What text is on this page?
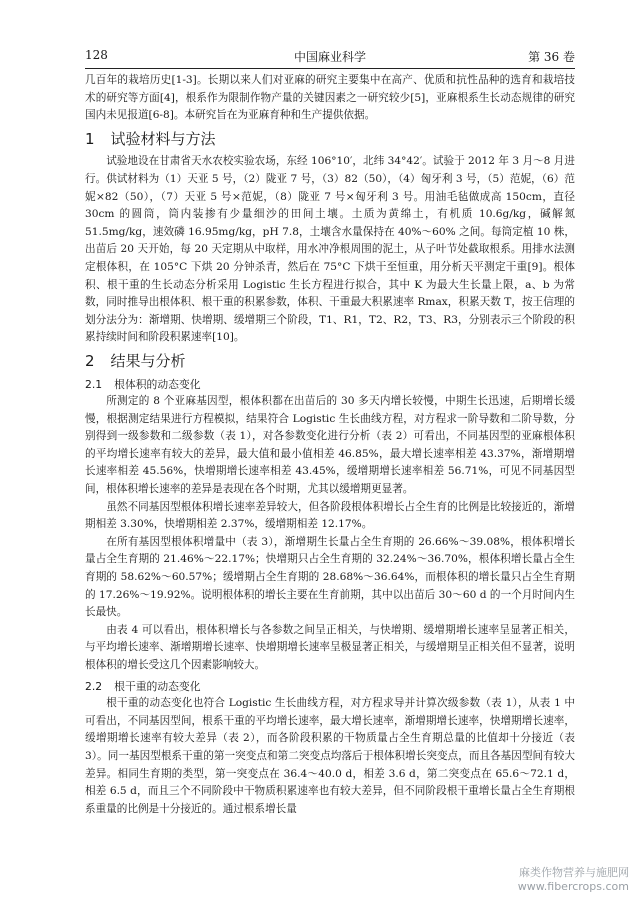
128	中国麻业科学	第 36 卷

几百年的栽培历史[1-3]。长期以来人们对亚麻的研究主要集中在高产、优质和抗性品种的选育和栽培技术的研究等方面[4]，根系作为限制作物产量的关键因素之一研究较少[5]，亚麻根系生长动态规律的研究国内未见报道[6-8]。本研究旨在为亚麻育种和生产提供依据。

1 试验材料与方法

试验地设在甘肃省天水农校实验农场，东经 106°10′，北纬 34°42′。试验于 2012 年 3 月～8 月进行。供试材料为（1）天亚 5 号，（2）陇亚 7 号，（3）82（50），（4）匈牙利 3 号，（5）范妮，（6）范妮×82（50），（7）天亚 5 号×范妮，（8）陇亚 7 号×匈牙利 3 号。用油毛毡做成高 150cm，直径 30cm 的圆筒，筒内装掺有少量细沙的田间土壤。土质为黄绵土，有机质 10.6g/kg，碱解氮 51.5mg/kg，速效磷 16.95mg/kg，pH 7.8，土壤含水量保持在 40%～60% 之间。每筒定植 10 株，出苗后 20 天开始，每 20 天定期从中取样，用水冲净根周围的泥土，从子叶节处截取根系。用排水法测定根体积，在 105°C 下烘 20 分钟杀青，然后在 75°C 下烘干至恒重，用分析天平测定干重[9]。根体积、根干重的生长动态分析采用 Logistic 生长方程进行拟合，其中 K 为最大生长量上限，a、b 为常数，同时推导出根体积、根干重的积累参数，体积、干重最大积累速率 Rmax，积累天数 T，按王信理的划分法分为：渐增期、快增期、缓增期三个阶段，T1、R1，T2、R2，T3、R3，分别表示三个阶段的积累持续时间和阶段积累速率[10]。

2 结果与分析
2.1 根体积的动态变化

所测定的 8 个亚麻基因型，根体积都在出苗后的 30 多天内增长较慢，中期生长迅速，后期增长缓慢，根据测定结果进行方程模拟，结果符合 Logistic 生长曲线方程，对方程求一阶导数和二阶导数，分别得到一级参数和二级参数（表 1），对各参数变化进行分析（表 2）可看出，不同基因型的亚麻根体积的平均增长速率有较大的差异，最大值和最小值相差 46.85%，最大增长速率相差 43.37%，渐增期增长速率相差 45.56%，快增期增长速率相差 43.45%，缓增期增长速率相差 56.71%，可见不同基因型间，根体积增长速率的差异是表现在各个时期，尤其以缓增期更显著。

虽然不同基因型根体积增长速率差异较大，但各阶段根体积增长占全生育的比例是比较接近的，渐增期相差 3.30%，快增期相差 2.37%，缓增期相差 12.17%。

在所有基因型根体积增量中（表 3），渐增期生长量占全生育期的 26.66%～39.08%，根体积增长量占全生育期的 21.46%～22.17%；快增期只占全生育期的 32.24%～36.70%，根体积增长量占全生育期的 58.62%～60.57%；缓增期占全生育期的 28.68%～36.64%，而根体积的增长量只占全生育期的 17.26%～19.92%。说明根体积的增长主要在生育前期，其中以出苗后 30～60 d 的一个月时间内生长最快。

由表 4 可以看出，根体积增长与各参数之间呈正相关，与快增期、缓增期增长速率呈显著正相关，与平均增长速率、渐增期增长速率、快增期增长速率呈极显著正相关，与缓增期呈正相关但不显著，说明根体积的增长受这几个因素影响较大。

2.2 根干重的动态变化

根干重的动态变化也符合 Logistic 生长曲线方程，对方程求导并计算次级参数（表 1），从表 1 中可看出，不同基因型间，根系干重的平均增长速率，最大增长速率，渐增期增长速率，快增期增长速率，缓增期增长速率有较大差异（表 2），而各阶段积累的干物质量占全生育期总量的比值却十分接近（表 3）。同一基因型根系干重的第一突变点和第二突变点均落后于根体积增长突变点，而且各基因型间有较大差异。相同生育期的类型，第一突变点在 36.4～40.0 d，相差 3.6 d，第二突变点在 65.6～72.1 d，相差 6.5 d，而且三个不同阶段中干物质积累速率也有较大差异，但不同阶段根干重增长量占全生育期根系重量的比例是十分接近的。通过根系增长量

麻类作物营养与施肥网
www.fibercrops.com
